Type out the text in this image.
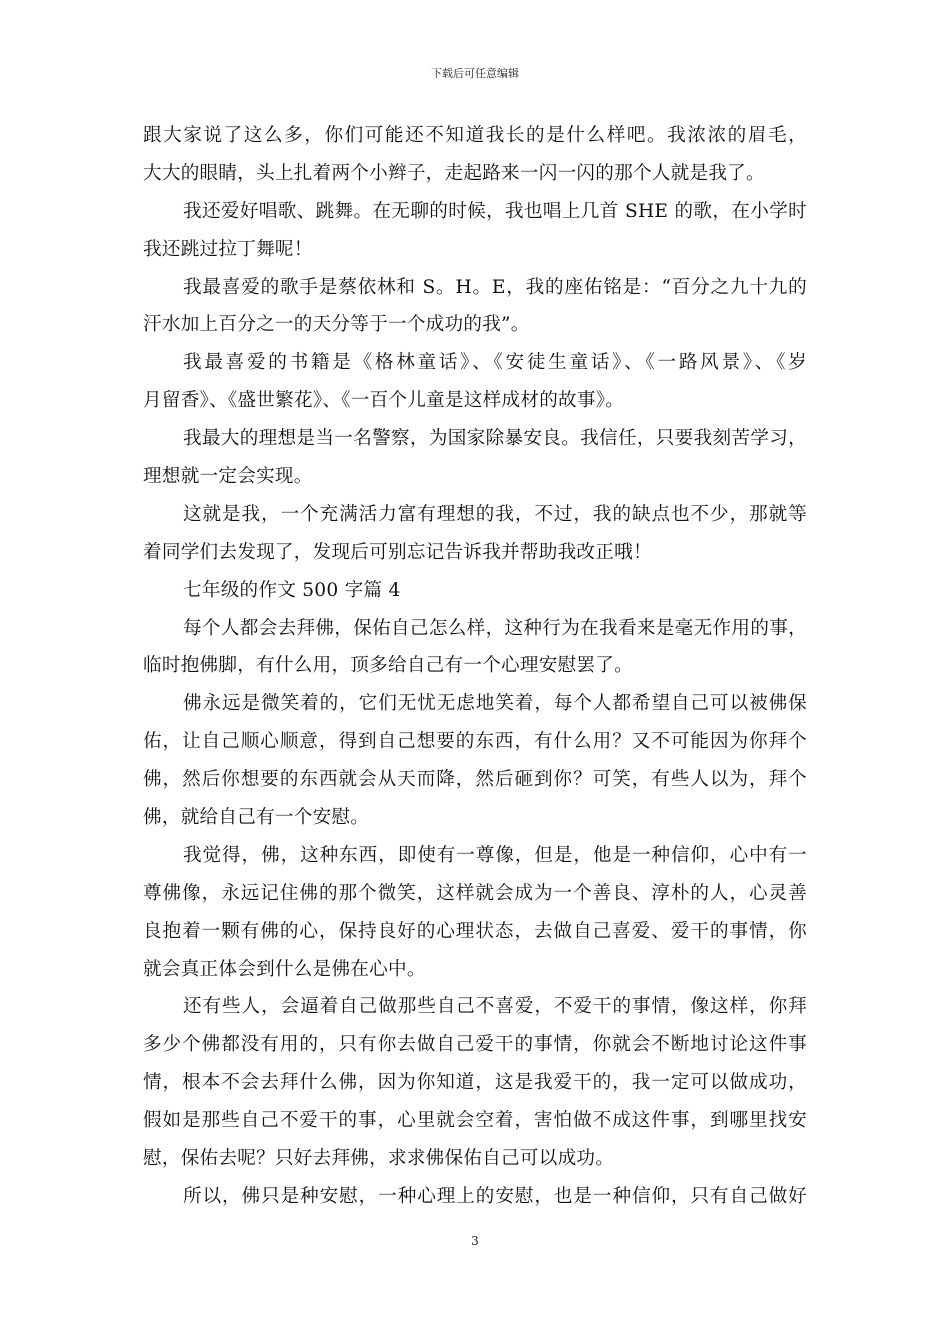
下载后可任意编辑
跟大家说了这么多，你们可能还不知道我长的是什么样吧。我浓浓的眉毛，
大大的眼睛，头上扎着两个小辫子，走起路来一闪一闪的那个人就是我了。
我还爱好唱歌、跳舞。在无聊的时候，我也唱上几首 SHE 的歌，在小学时
我还跳过拉丁舞呢！
我最喜爱的歌手是蔡依林和 S。H。E，我的座佑铭是：“百分之九十九的
汗水加上百分之一的天分等于一个成功的我”。
我最喜爱的书籍是《格林童话》、《安徒生童话》、《一路风景》、《岁
月留香》、《盛世繁花》、《一百个儿童是这样成材的故事》。
我最大的理想是当一名警察，为国家除暴安良。我信任，只要我刻苦学习，
理想就一定会实现。
这就是我，一个充满活力富有理想的我，不过，我的缺点也不少，那就等
着同学们去发现了，发现后可别忘记告诉我并帮助我改正哦！
七年级的作文 500 字篇 4
每个人都会去拜佛，保佑自己怎么样，这种行为在我看来是毫无作用的事，
临时抱佛脚，有什么用，顶多给自己有一个心理安慰罢了。
佛永远是微笑着的，它们无忧无虑地笑着，每个人都希望自己可以被佛保
佑，让自己顺心顺意，得到自己想要的东西，有什么用？又不可能因为你拜个
佛，然后你想要的东西就会从天而降，然后砸到你？可笑，有些人以为，拜个
佛，就给自己有一个安慰。
我觉得，佛，这种东西，即使有一尊像，但是，他是一种信仰，心中有一
尊佛像，永远记住佛的那个微笑，这样就会成为一个善良、淳朴的人，心灵善
良抱着一颗有佛的心，保持良好的心理状态，去做自己喜爱、爱干的事情，你
就会真正体会到什么是佛在心中。
还有些人，会逼着自己做那些自己不喜爱，不爱干的事情，像这样，你拜
多少个佛都没有用的，只有你去做自己爱干的事情，你就会不断地讨论这件事
情，根本不会去拜什么佛，因为你知道，这是我爱干的，我一定可以做成功，
假如是那些自己不爱干的事，心里就会空着，害怕做不成这件事，到哪里找安
慰，保佑去呢？只好去拜佛，求求佛保佑自己可以成功。
所以，佛只是种安慰，一种心理上的安慰，也是一种信仰，只有自己做好
3
